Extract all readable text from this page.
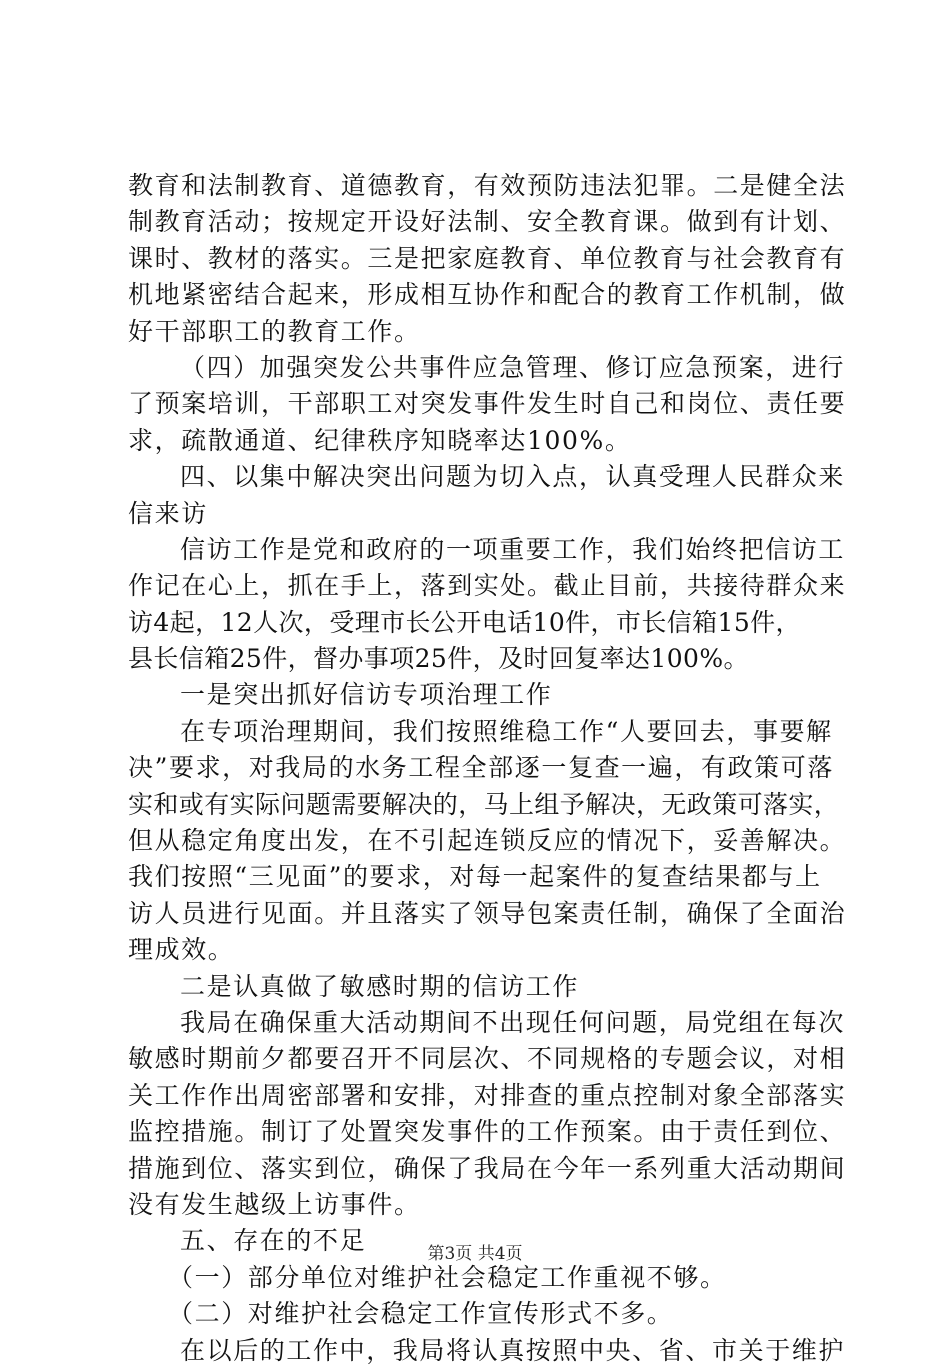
教育和法制教育、道德教育，有效预防违法犯罪。二是健全法
制教育活动；按规定开设好法制、安全教育课。做到有计划、
课时、教材的落实。三是把家庭教育、单位教育与社会教育有
机地紧密结合起来，形成相互协作和配合的教育工作机制，做
好干部职工的教育工作。
（四）加强突发公共事件应急管理、修订应急预案，进行
了预案培训，干部职工对突发事件发生时自己和岗位、责任要
求，疏散通道、纪律秩序知晓率达100%。
四、以集中解决突出问题为切入点，认真受理人民群众来
信来访
信访工作是党和政府的一项重要工作，我们始终把信访工
作记在心上，抓在手上，落到实处。截止目前，共接待群众来
访4起，12人次，受理市长公开电话10件，市长信箱15件，
县长信箱25件，督办事项25件，及时回复率达100%。
一是突出抓好信访专项治理工作
在专项治理期间，我们按照维稳工作“人要回去，事要解
决”要求，对我局的水务工程全部逐一复查一遍，有政策可落
实和或有实际问题需要解决的，马上组予解决，无政策可落实，
但从稳定角度出发，在不引起连锁反应的情况下，妥善解决。
我们按照“三见面”的要求，对每一起案件的复查结果都与上
访人员进行见面。并且落实了领导包案责任制，确保了全面治
理成效。
二是认真做了敏感时期的信访工作
我局在确保重大活动期间不出现任何问题，局党组在每次
敏感时期前夕都要召开不同层次、不同规格的专题会议，对相
关工作作出周密部署和安排，对排查的重点控制对象全部落实
监控措施。制订了处置突发事件的工作预案。由于责任到位、
措施到位、落实到位，确保了我局在今年一系列重大活动期间
没有发生越级上访事件。
五、存在的不足
（一）部分单位对维护社会稳定工作重视不够。
（二）对维护社会稳定工作宣传形式不多。
在以后的工作中，我局将认真按照中央、省、市关于维护
第3页 共4页
